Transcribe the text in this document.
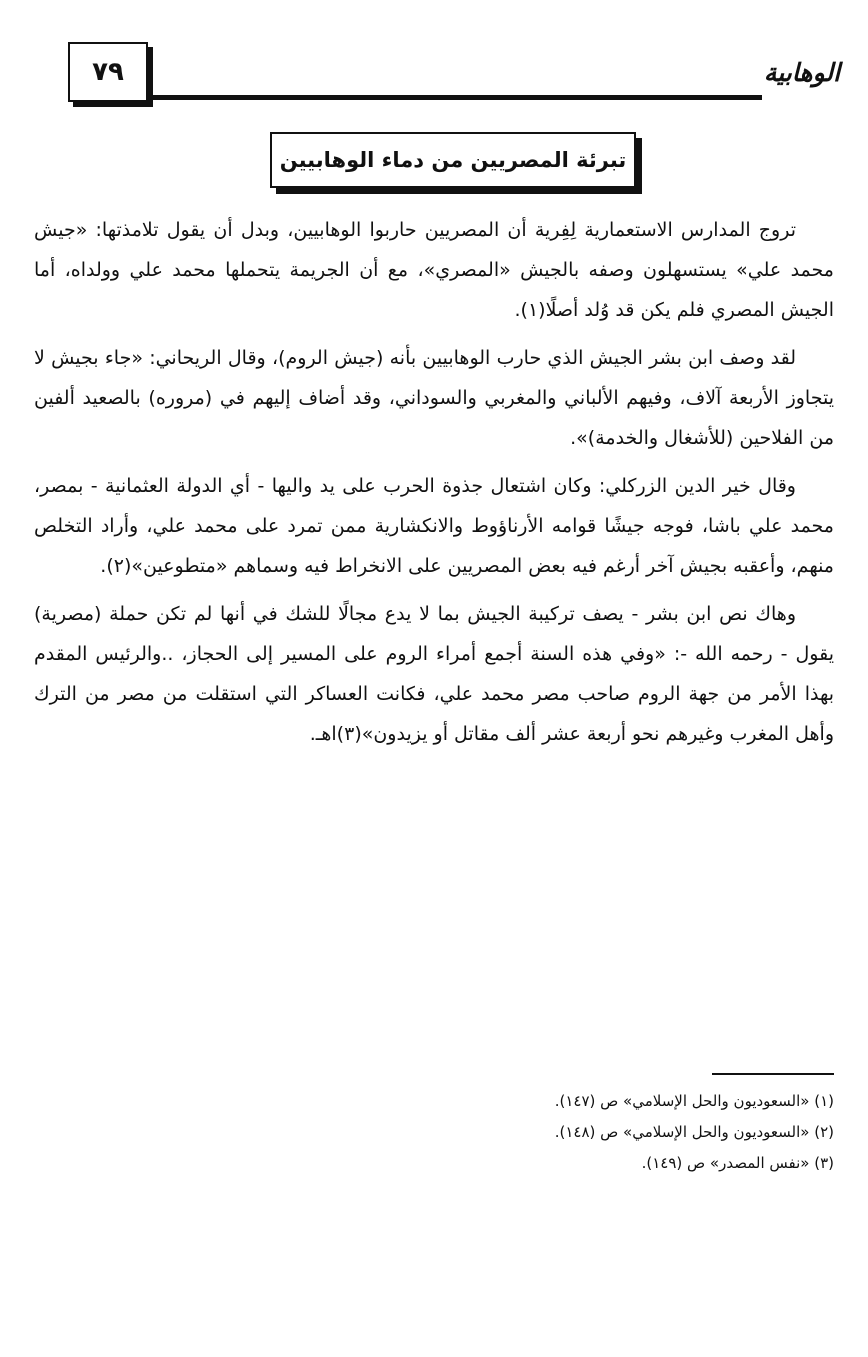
٧٩	الوهابية
تبرئة المصريين من دماء الوهابيين

تروج المدارس الاستعمارية لِفِرية أن المصريين حاربوا الوهابيين، وبدل أن يقول تلامذتها: «جيش محمد علي» يستسهلون وصفه بالجيش «المصري»، مع أن الجريمة يتحملها محمد علي وولداه، أما الجيش المصري فلم يكن قد وُلد أصلًا(١).

لقد وصف ابن بشر الجيش الذي حارب الوهابيين بأنه (جيش الروم)، وقال الريحاني: «جاء بجيش لا يتجاوز الأربعة آلاف، وفيهم الألباني والمغربي والسوداني، وقد أضاف إليهم في (مروره) بالصعيد ألفين من الفلاحين (للأشغال والخدمة)».

وقال خير الدين الزركلي: وكان اشتعال جذوة الحرب على يد واليها - أي الدولة العثمانية - بمصر، محمد علي باشا، فوجه جيشًا قوامه الأرناؤوط والانكشارية ممن تمرد على محمد علي، وأراد التخلص منهم، وأعقبه بجيش آخر أرغم فيه بعض المصريين على الانخراط فيه وسماهم «متطوعين»(٢).

وهاك نص ابن بشر - يصف تركيبة الجيش بما لا يدع مجالًا للشك في أنها لم تكن حملة (مصرية) يقول - رحمه الله -: «وفي هذه السنة أجمع أمراء الروم على المسير إلى الحجاز، ..والرئيس المقدم بهذا الأمر من جهة الروم صاحب مصر محمد علي، فكانت العساكر التي استقلت من مصر من الترك وأهل المغرب وغيرهم نحو أربعة عشر ألف مقاتل أو يزيدون»(٣)اهـ.

(١) «السعوديون والحل الإسلامي» ص (١٤٧).

(٢) «السعوديون والحل الإسلامي» ص (١٤٨).

(٣) «نفس المصدر» ص (١٤٩).
